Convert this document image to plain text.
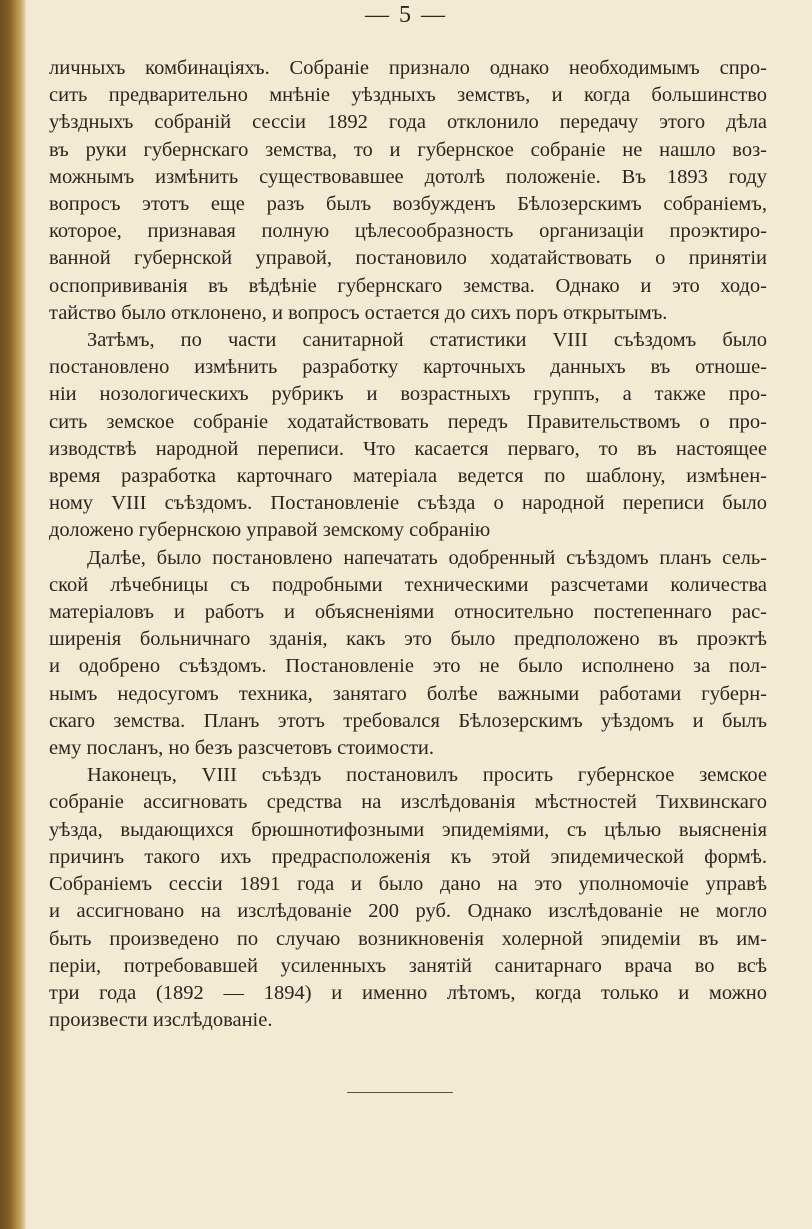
— 5 —
личныхъ комбинаціяхъ. Собраніе признало однако необходимымъ спро-
сить предварительно мнѣніе уѣздныхъ земствъ, и когда большинство
уѣздныхъ собраній сессіи 1892 года отклонило передачу этого дѣла
въ руки губернскаго земства, то и губернское собраніе не нашло воз-
можнымъ измѣнить существовавшее дотолѣ положеніе. Въ 1893 году
вопросъ этотъ еще разъ былъ возбужденъ Бѣлозерскимъ собраніемъ,
которое, признавая полную цѣлесообразность организаціи проэктиро-
ванной губернской управой, постановило ходатайствовать о принятіи
оспопрививанія въ вѣдѣніе губернскаго земства. Однако и это ходо-
тайство было отклонено, и вопросъ остается до сихъ поръ открытымъ.
Затѣмъ, по части санитарной статистики VIII съѣздомъ было
постановлено измѣнить разработку карточныхъ данныхъ въ отноше-
ніи нозологическихъ рубрикъ и возрастныхъ группъ, а также про-
сить земское собраніе ходатайствовать передъ Правительствомъ о про-
изводствѣ народной переписи. Что касается перваго, то въ настоящее
время разработка карточнаго матеріала ведется по шаблону, измѣнен-
ному VIII съѣздомъ. Постановленіе съѣзда о народной переписи было
доложено губернскою управой земскому собранію
Далѣе, было постановлено напечатать одобренный съѣздомъ планъ сель-
ской лѣчебницы съ подробными техническими разсчетами количества
матеріаловъ и работъ и объясненіями относительно постепеннаго рас-
ширенія больничнаго зданія, какъ это было предположено въ проэктѣ
и одобрено съѣздомъ. Постановленіе это не было исполнено за пол-
нымъ недосугомъ техника, занятаго болѣе важными работами губерн-
скаго земства. Планъ этотъ требовался Бѣлозерскимъ уѣздомъ и былъ
ему посланъ, но безъ разсчетовъ стоимости.
Наконецъ, VIII съѣздъ постановилъ просить губернское земское
собраніе ассигновать средства на изслѣдованія мѣстностей Тихвинскаго
уѣзда, выдающихся брюшнотифозными эпидеміями, съ цѣлью выясненія
причинъ такого ихъ предрасположенія къ этой эпидемической формѣ.
Собраніемъ сессіи 1891 года и было дано на это уполномочіе управѣ
и ассигновано на изслѣдованіе 200 руб. Однако изслѣдованіе не могло
быть произведено по случаю возникновенія холерной эпидеміи въ им-
періи, потребовавшей усиленныхъ занятій санитарнаго врача во всѣ
три года (1892 — 1894) и именно лѣтомъ, когда только и можно
произвести изслѣдованіе.
